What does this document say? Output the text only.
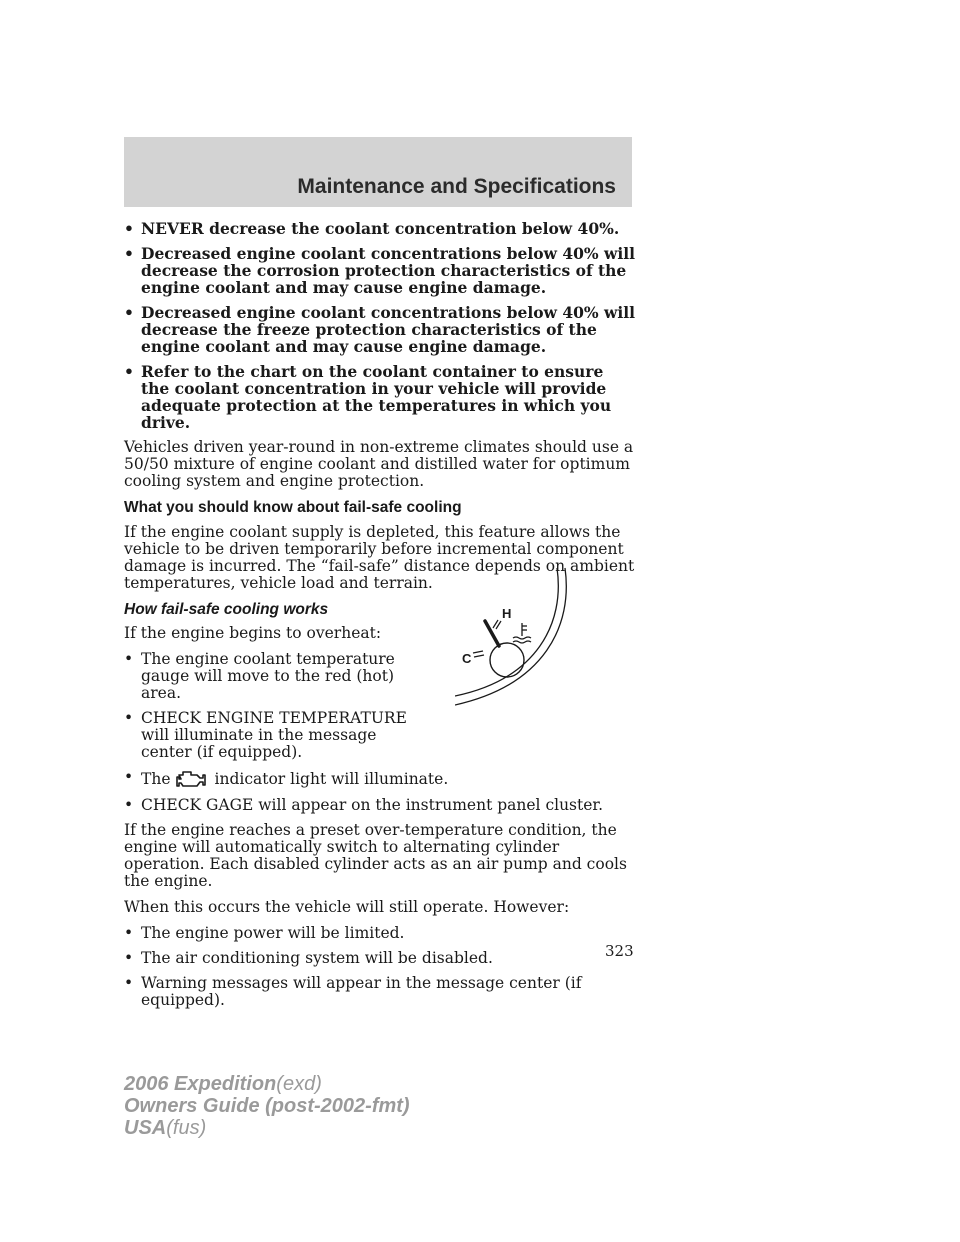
Maintenance and Specifications
• NEVER decrease the coolant concentration below 40%.
• Decreased engine coolant concentrations below 40% will decrease the corrosion protection characteristics of the engine coolant and may cause engine damage.
• Decreased engine coolant concentrations below 40% will decrease the freeze protection characteristics of the engine coolant and may cause engine damage.
• Refer to the chart on the coolant container to ensure the coolant concentration in your vehicle will provide adequate protection at the temperatures in which you drive.

Vehicles driven year-round in non-extreme climates should use a 50/50 mixture of engine coolant and distilled water for optimum cooling system and engine protection.

What you should know about fail-safe cooling

If the engine coolant supply is depleted, this feature allows the vehicle to be driven temporarily before incremental component damage is incurred. The “fail-safe” distance depends on ambient temperatures, vehicle load and terrain.

How fail-safe cooling works

If the engine begins to overheat:

• The engine coolant temperature gauge will move to the red (hot) area.
• CHECK ENGINE TEMPERATURE will illuminate in the message center (if equipped).
• The	indicator light will illuminate.
• CHECK GAGE will appear on the instrument panel cluster.

If the engine reaches a preset over-temperature condition, the engine will automatically switch to alternating cylinder operation. Each disabled cylinder acts as an air pump and cools the engine.

When this occurs the vehicle will still operate. However:

• The engine power will be limited.
• The air conditioning system will be disabled.
• Warning messages will appear in the message center (if equipped).
H
C

323

2006 Expedition(exd)
Owners Guide (post-2002-fmt)
USA(fus)
